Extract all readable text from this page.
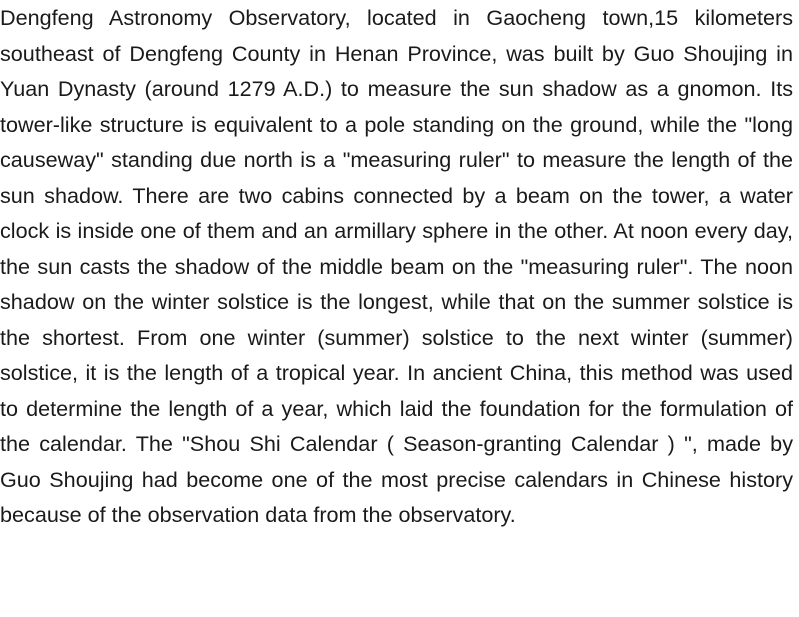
Dengfeng Astronomy Observatory, located in Gaocheng town,15 kilometers southeast of Dengfeng County in Henan Province, was built by Guo Shoujing in Yuan Dynasty (around 1279 A.D.) to measure the sun shadow as a gnomon. Its tower-like structure is equivalent to a pole standing on the ground, while the "long causeway" standing due north is a "measuring ruler" to measure the length of the sun shadow. There are two cabins connected by a beam on the tower, a water clock is inside one of them and an armillary sphere in the other. At noon every day, the sun casts the shadow of the middle beam on the "measuring ruler". The noon shadow on the winter solstice is the longest, while that on the summer solstice is the shortest. From one winter (summer) solstice to the next winter (summer) solstice, it is the length of a tropical year. In ancient China, this method was used to determine the length of a year, which laid the foundation for the formulation of the calendar. The "Shou Shi Calendar ( Season-granting Calendar ) ", made by Guo Shoujing had become one of the most precise calendars in Chinese history because of the observation data from the observatory.
